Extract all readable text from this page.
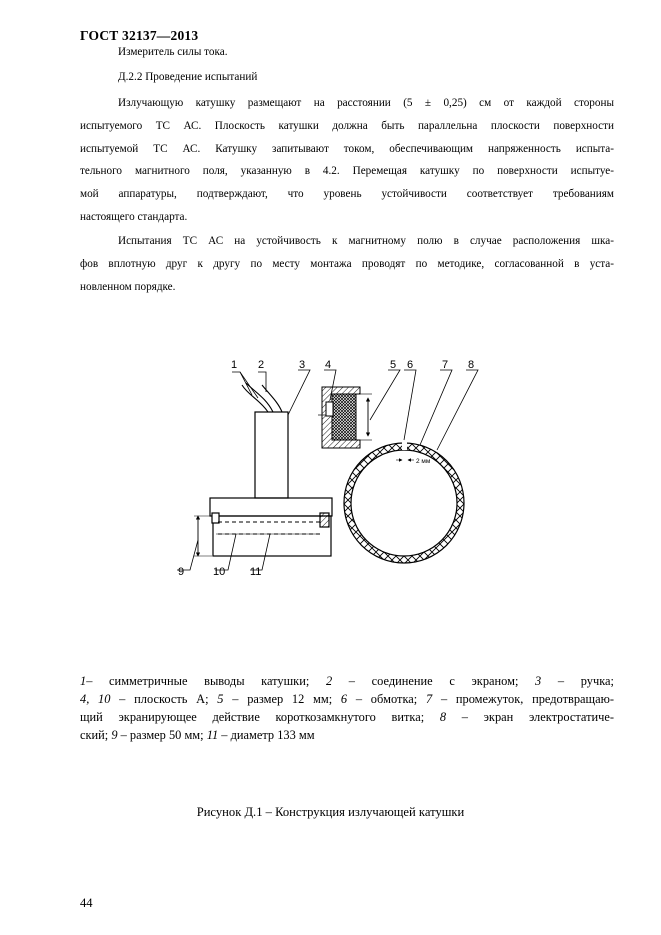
ГОСТ 32137—2013
Измеритель силы тока.
Д.2.2 Проведение испытаний
Излучающую катушку размещают на расстоянии (5 ± 0,25) см от каждой стороны
испытуемого ТС АС. Плоскость катушки должна быть параллельна плоскости поверхности
испытуемой ТС АС. Катушку запитывают током, обеспечивающим напряженность испыта-
тельного магнитного поля, указанную в 4.2. Перемещая катушку по поверхности испытуе-
мой аппаратуры, подтверждают, что уровень устойчивости соответствует требованиям
настоящего стандарта.
Испытания ТС АС на устойчивость к магнитному полю в случае расположения шка-
фов вплотную друг к другу по месту монтажа проводят по методике, согласованной в уста-
новленном порядке.
1 2	3 4	5 6	7 8
9	10 11
2 мм
1– симметричные выводы катушки; 2 – соединение с экраном; 3 – ручка;
4, 10 – плоскость А; 5 – размер 12 мм; 6 – обмотка; 7 – промежуток, предотвращаю-
щий экранирующее действие короткозамкнутого витка; 8 – экран электростатиче-
ский; 9 – размер 50 мм; 11 – диаметр 133 мм
Рисунок Д.1 – Конструкция излучающей катушки
44
